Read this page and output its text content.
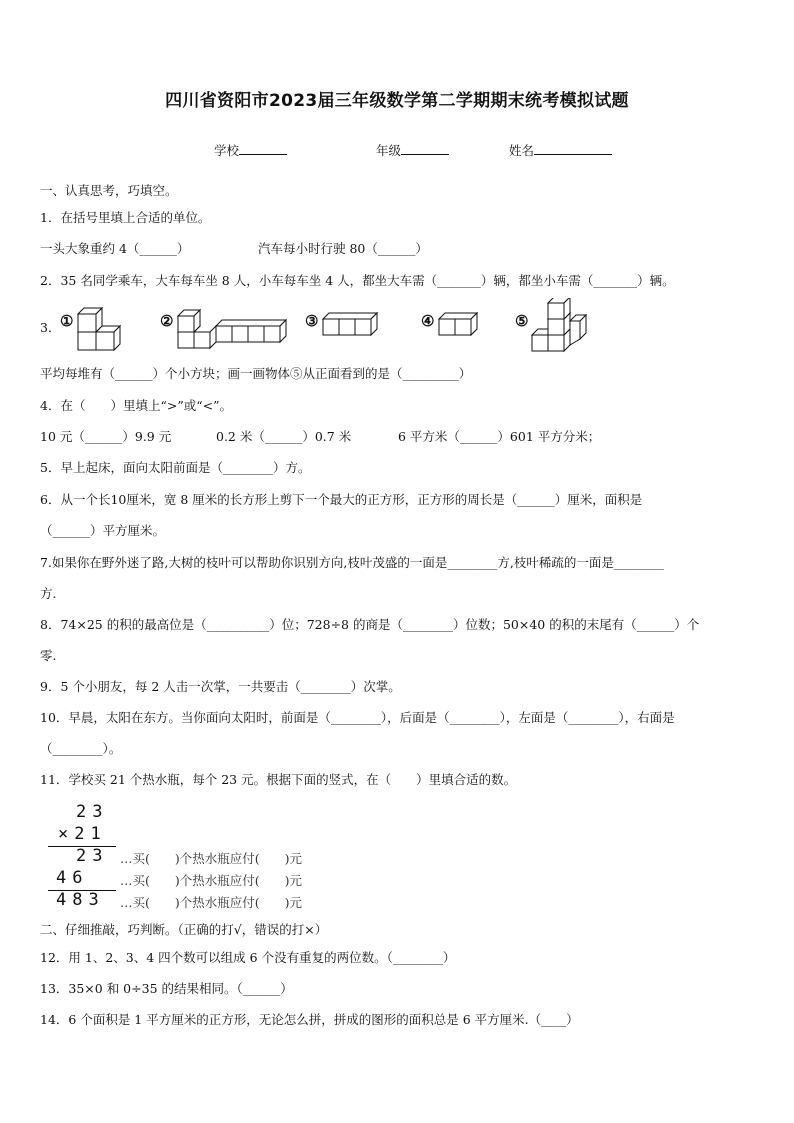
四川省资阳市2023届三年级数学第二学期期末统考模拟试题
学校	年级	姓名
一、认真思考，巧填空。
1．在括号里填上合适的单位。
一头大象重约 4（______）	汽车每小时行驶 80（______）
2．35 名同学乘车，大车每车坐 8 人，小车每车坐 4 人，都坐大车需（_______）辆，都坐小车需（_______）辆。
3． ①	②	③	④	⑤
平均每堆有（______）个小方块；画一画物体⑤从正面看到的是（_________）
4．在（　　）里填上“>”或“<”。
10 元（______）9.9 元	0.2 米（______）0.7 米	6 平方米（______）601 平方分米；
5．早上起床，面向太阳前面是（________）方。
6．从一个长10厘米，宽 8 厘米的长方形上剪下一个最大的正方形，正方形的周长是（______）厘米，面积是
（______）平方厘米。
7.如果你在野外迷了路,大树的枝叶可以帮助你识别方向,枝叶茂盛的一面是________方,枝叶稀疏的一面是________
方.
8．74×25 的积的最高位是（__________）位；728÷8 的商是（________）位数；50×40 的积的末尾有（______）个
零.
9．5 个小朋友，每 2 人击一次掌，一共要击（________）次掌。
10．早晨，太阳在东方。当你面向太阳时，前面是（________），后面是（________），左面是（________），右面是
（________）。
11．学校买 21 个热水瓶，每个 23 元。根据下面的竖式，在（　　）里填合适的数。
23
×21
23
46
483
…买(　　)个热水瓶应付(　　)元
…买(　　)个热水瓶应付(　　)元
…买(　　)个热水瓶应付(　　)元
二、仔细推敲，巧判断。（正确的打√，错误的打×）
12．用 1、2、3、4 四个数可以组成 6 个没有重复的两位数。（________）
13．35×0 和 0÷35 的结果相同。（______）
14．6 个面积是 1 平方厘米的正方形，无论怎么拼，拼成的图形的面积总是 6 平方厘米.（____）
